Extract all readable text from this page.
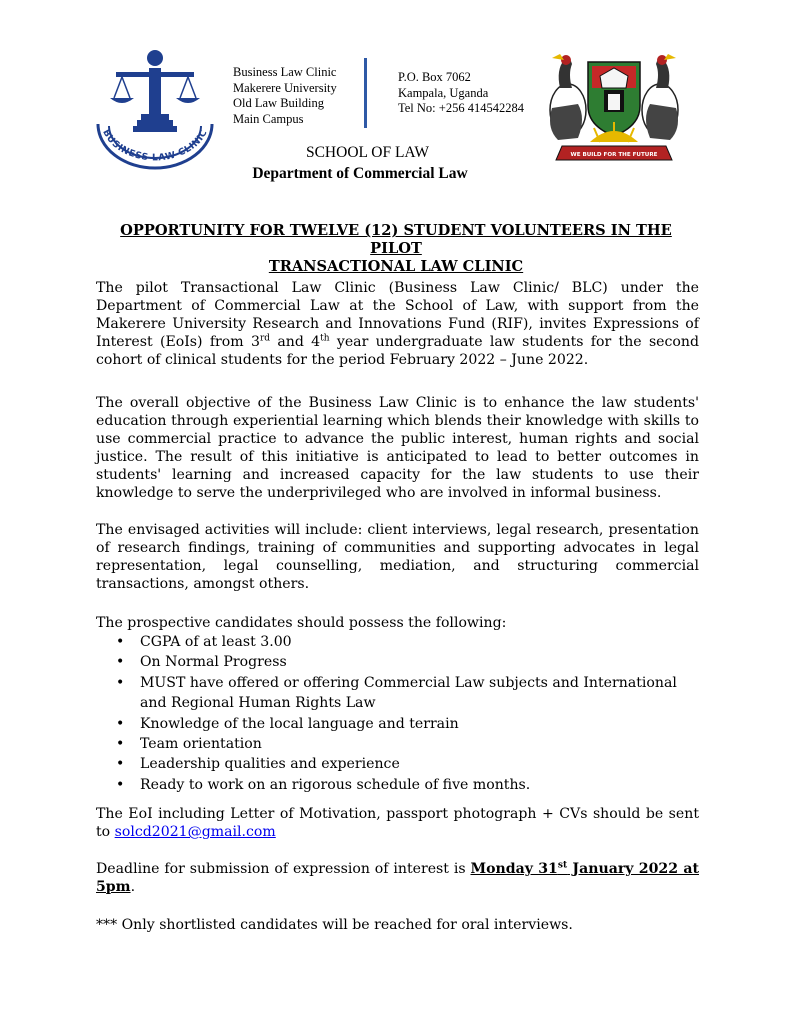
BUSINESS LAW CLINIC
Business Law Clinic
Makerere University
Old Law Building
Main Campus
P.O. Box 7062
Kampala, Uganda
Tel No: +256 414542284
WE BUILD FOR THE FUTURE
SCHOOL OF LAW
Department of Commercial Law
OPPORTUNITY FOR TWELVE (12) STUDENT VOLUNTEERS IN THE PILOT
TRANSACTIONAL LAW CLINIC
The pilot Transactional Law Clinic (Business Law Clinic/ BLC) under the Department of Commercial Law at the School of Law, with support from the Makerere University Research and Innovations Fund (RIF), invites Expressions of Interest (EoIs) from 3rd and 4th year undergraduate law students for the second cohort of clinical students for the period February 2022 – June 2022.
The overall objective of the Business Law Clinic is to enhance the law students' education through experiential learning which blends their knowledge with skills to use commercial practice to advance the public interest, human rights and social justice. The result of this initiative is anticipated to lead to better outcomes in students' learning and increased capacity for the law students to use their knowledge to serve the underprivileged who are involved in informal business.
The envisaged activities will include: client interviews, legal research, presentation of research findings, training of communities and supporting advocates in legal representation, legal counselling, mediation, and structuring commercial transactions, amongst others.
The prospective candidates should possess the following:
• CGPA of at least 3.00
• On Normal Progress
• MUST have offered or offering Commercial Law subjects and International and Regional Human Rights Law
• Knowledge of the local language and terrain
• Team orientation
• Leadership qualities and experience
• Ready to work on an rigorous schedule of five months.
The EoI including Letter of Motivation, passport photograph + CVs should be sent to solcd2021@gmail.com
Deadline for submission of expression of interest is Monday 31st January 2022 at 5pm.
*** Only shortlisted candidates will be reached for oral interviews.
